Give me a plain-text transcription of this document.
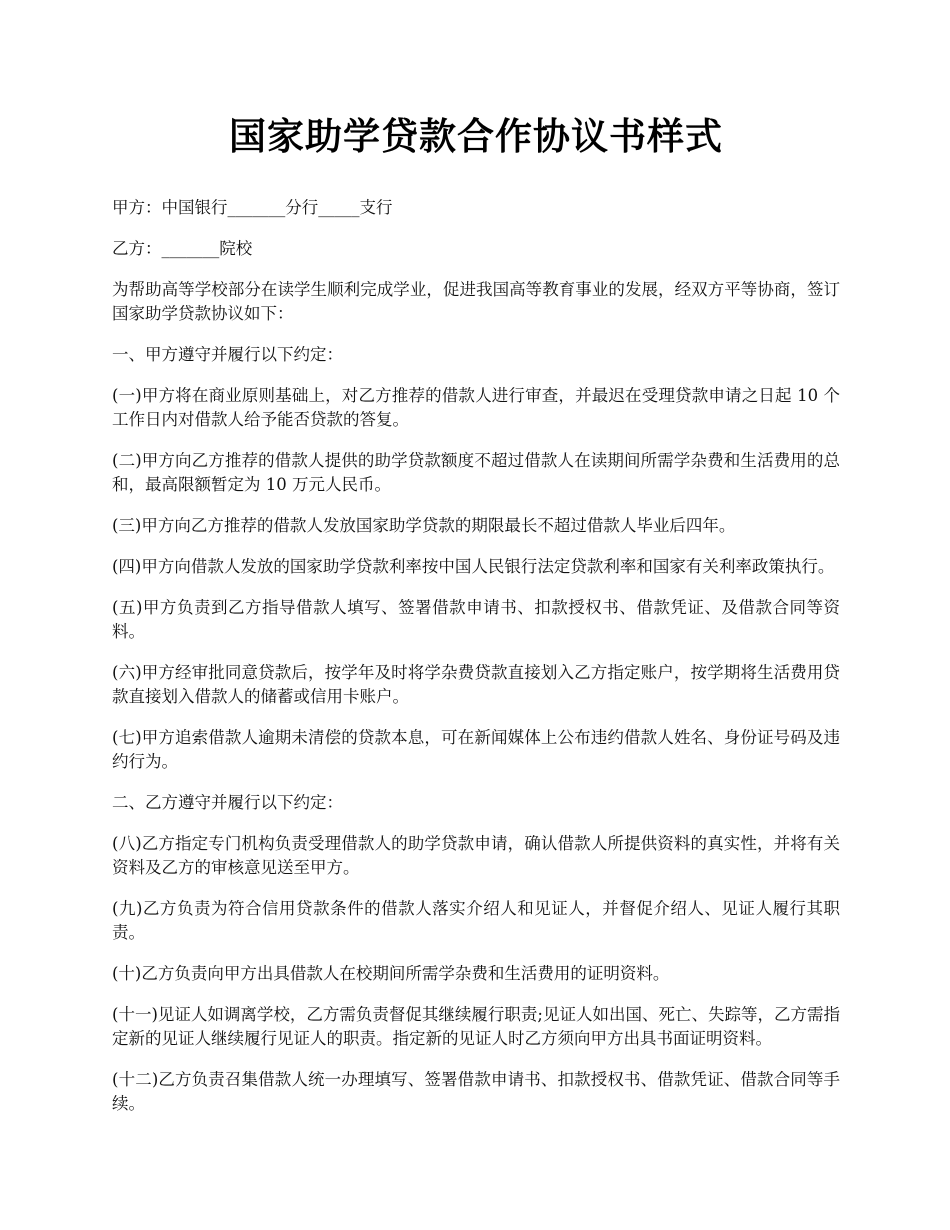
国家助学贷款合作协议书样式

甲方：中国银行_______分行_____支行

乙方：_______院校

为帮助高等学校部分在读学生顺利完成学业，促进我国高等教育事业的发展，经双方平等协商，签订国家助学贷款协议如下：

一、甲方遵守并履行以下约定：

(一)甲方将在商业原则基础上，对乙方推荐的借款人进行审查，并最迟在受理贷款申请之日起 10 个工作日内对借款人给予能否贷款的答复。

(二)甲方向乙方推荐的借款人提供的助学贷款额度不超过借款人在读期间所需学杂费和生活费用的总和，最高限额暂定为 10 万元人民币。

(三)甲方向乙方推荐的借款人发放国家助学贷款的期限最长不超过借款人毕业后四年。

(四)甲方向借款人发放的国家助学贷款利率按中国人民银行法定贷款利率和国家有关利率政策执行。

(五)甲方负责到乙方指导借款人填写、签署借款申请书、扣款授权书、借款凭证、及借款合同等资料。

(六)甲方经审批同意贷款后，按学年及时将学杂费贷款直接划入乙方指定账户，按学期将生活费用贷款直接划入借款人的储蓄或信用卡账户。

(七)甲方追索借款人逾期未清偿的贷款本息，可在新闻媒体上公布违约借款人姓名、身份证号码及违约行为。

二、乙方遵守并履行以下约定：

(八)乙方指定专门机构负责受理借款人的助学贷款申请，确认借款人所提供资料的真实性，并将有关资料及乙方的审核意见送至甲方。

(九)乙方负责为符合信用贷款条件的借款人落实介绍人和见证人，并督促介绍人、见证人履行其职责。

(十)乙方负责向甲方出具借款人在校期间所需学杂费和生活费用的证明资料。

(十一)见证人如调离学校，乙方需负责督促其继续履行职责;见证人如出国、死亡、失踪等，乙方需指定新的见证人继续履行见证人的职责。指定新的见证人时乙方须向甲方出具书面证明资料。

(十二)乙方负责召集借款人统一办理填写、签署借款申请书、扣款授权书、借款凭证、借款合同等手续。
